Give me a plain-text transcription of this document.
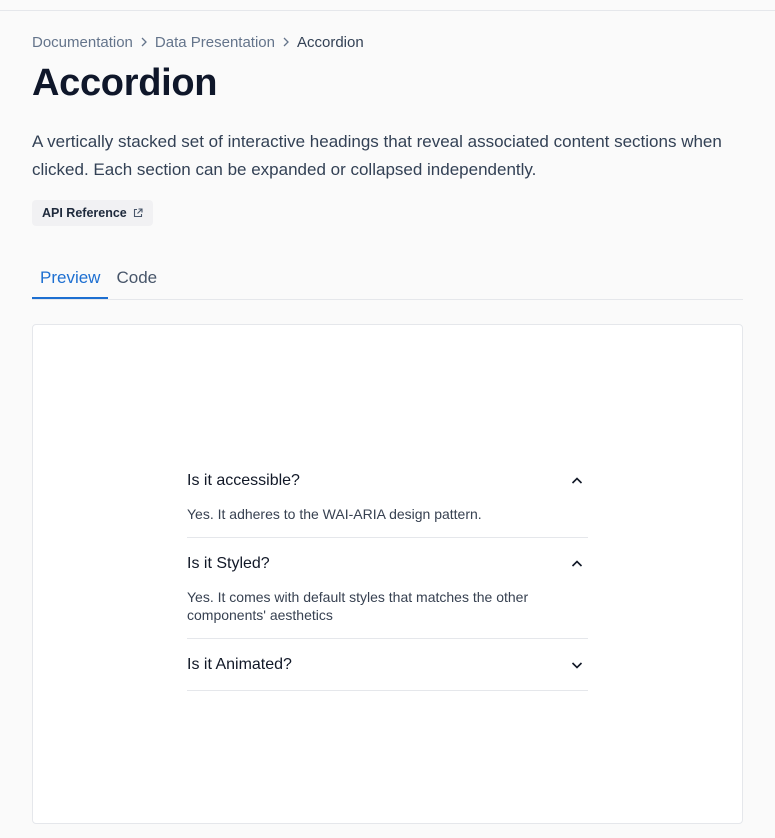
Documentation Data Presentation Accordion
Accordion

A vertically stacked set of interactive headings that reveal associated content sections when clicked. Each section can be expanded or collapsed independently.

API Reference
Preview Code
Is it accessible?
Yes. It adheres to the WAI-ARIA design pattern.
Is it Styled?
Yes. It comes with default styles that matches the other components' aesthetics
Is it Animated?
